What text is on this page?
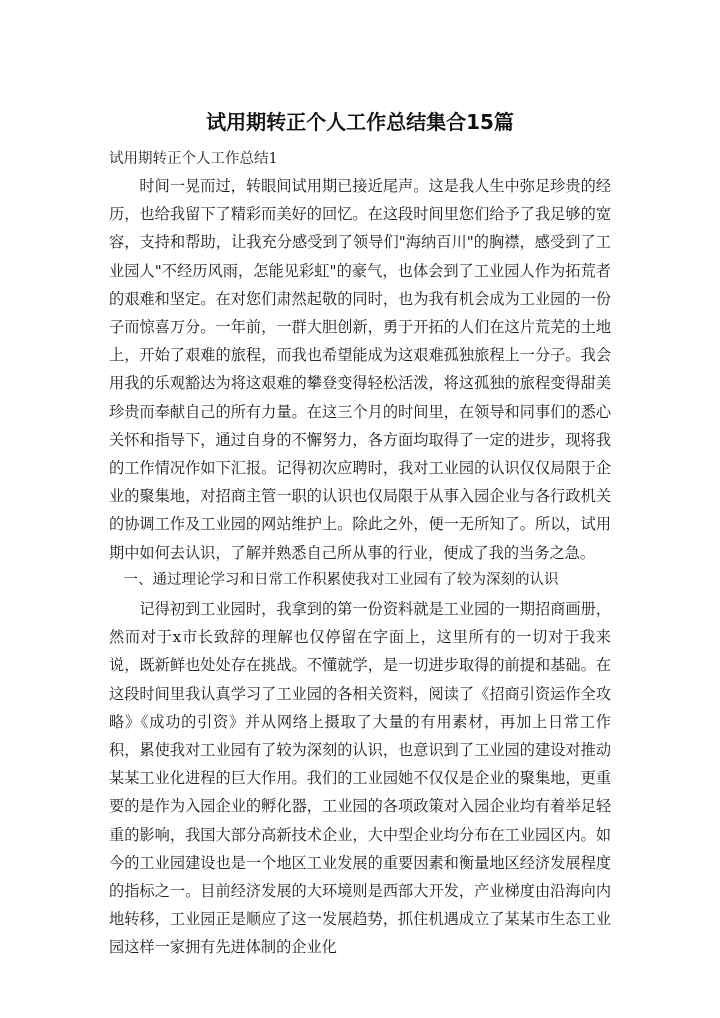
试用期转正个人工作总结集合15篇
试用期转正个人工作总结1

时间一晃而过，转眼间试用期已接近尾声。这是我人生中弥足珍贵的经历，也给我留下了精彩而美好的回忆。在这段时间里您们给予了我足够的宽容，支持和帮助，让我充分感受到了领导们"海纳百川"的胸襟，感受到了工业园人"不经历风雨，怎能见彩虹"的豪气，也体会到了工业园人作为拓荒者的艰难和坚定。在对您们肃然起敬的同时，也为我有机会成为工业园的一份子而惊喜万分。一年前，一群大胆创新，勇于开拓的人们在这片荒芜的土地上，开始了艰难的旅程，而我也希望能成为这艰难孤独旅程上一分子。我会用我的乐观豁达为将这艰难的攀登变得轻松活泼，将这孤独的旅程变得甜美珍贵而奉献自己的所有力量。在这三个月的时间里，在领导和同事们的悉心关怀和指导下，通过自身的不懈努力，各方面均取得了一定的进步，现将我的工作情况作如下汇报。记得初次应聘时，我对工业园的认识仅仅局限于企业的聚集地，对招商主管一职的认识也仅局限于从事入园企业与各行政机关的协调工作及工业园的网站维护上。除此之外，便一无所知了。所以，试用期中如何去认识，了解并熟悉自己所从事的行业，便成了我的当务之急。

一、通过理论学习和日常工作积累使我对工业园有了较为深刻的认识

记得初到工业园时，我拿到的第一份资料就是工业园的一期招商画册，然而对于x市长致辞的理解也仅停留在字面上，这里所有的一切对于我来说，既新鲜也处处存在挑战。不懂就学，是一切进步取得的前提和基础。在这段时间里我认真学习了工业园的各相关资料，阅读了《招商引资运作全攻略》《成功的引资》并从网络上摄取了大量的有用素材，再加上日常工作积，累使我对工业园有了较为深刻的认识，也意识到了工业园的建设对推动某某工业化进程的巨大作用。我们的工业园她不仅仅是企业的聚集地，更重要的是作为入园企业的孵化器，工业园的各项政策对入园企业均有着举足轻重的影响，我国大部分高新技术企业，大中型企业均分布在工业园区内。如今的工业园建设也是一个地区工业发展的重要因素和衡量地区经济发展程度的指标之一。目前经济发展的大环境则是西部大开发，产业梯度由沿海向内地转移，工业园正是顺应了这一发展趋势，抓住机遇成立了某某市生态工业园这样一家拥有先进体制的企业化
